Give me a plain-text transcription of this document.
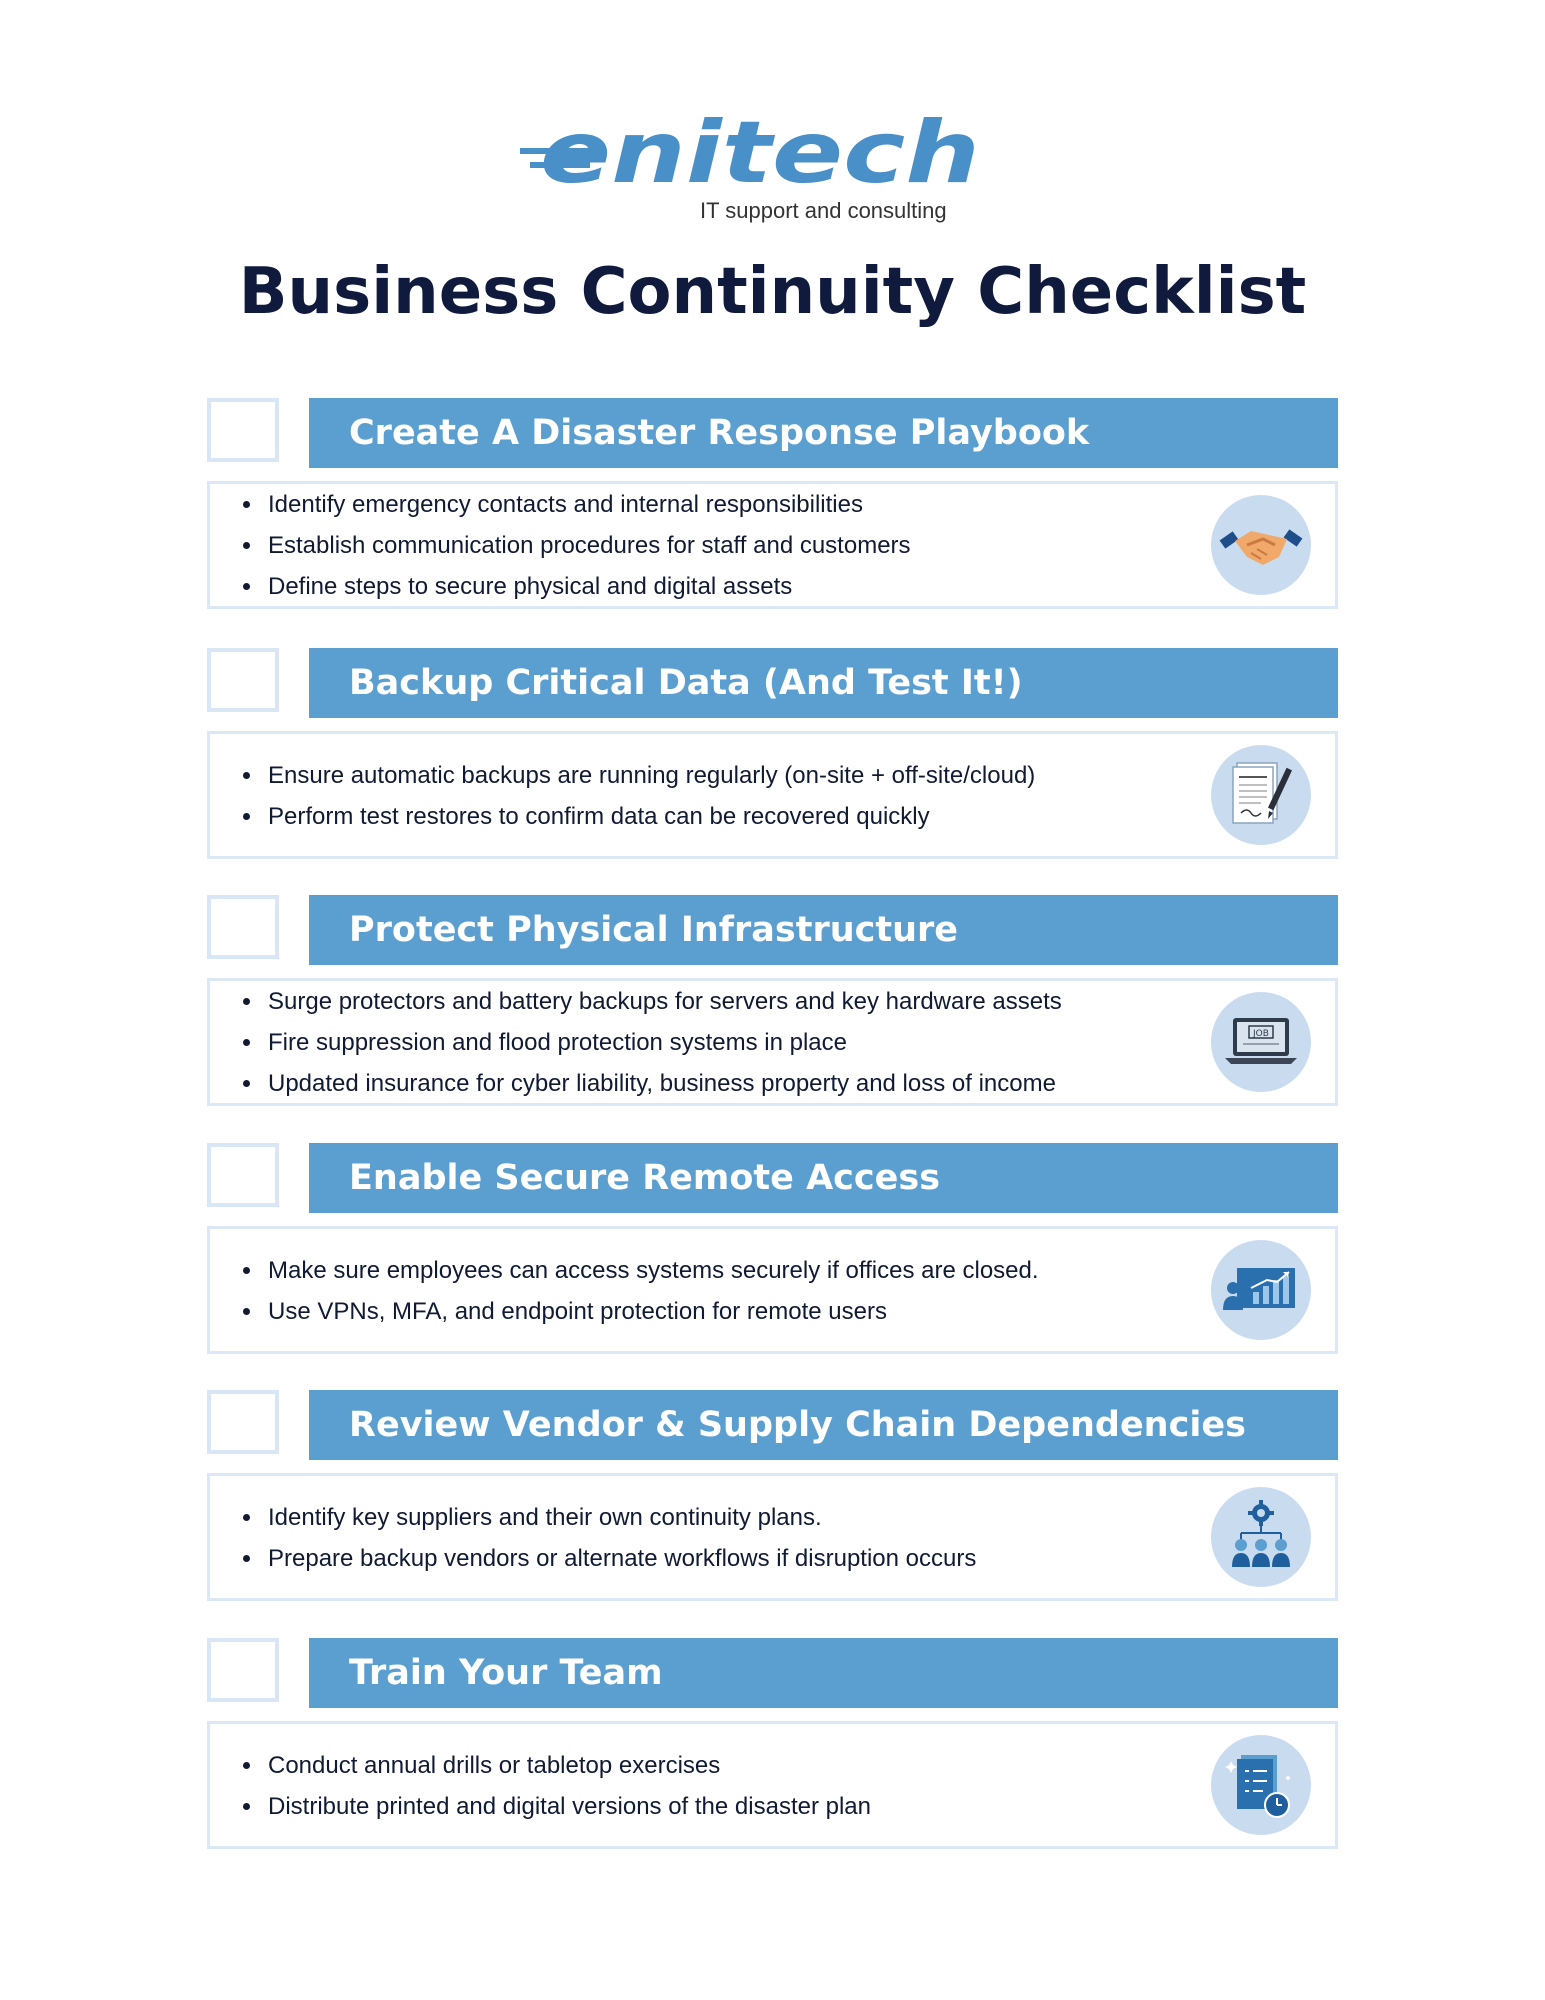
enitech
IT support and consulting
Business Continuity Checklist
Create A Disaster Response Playbook
• Identify emergency contacts and internal responsibilities
• Establish communication procedures for staff and customers
• Define steps to secure physical and digital assets
Backup Critical Data (And Test It!)
• Ensure automatic backups are running regularly (on-site + off-site/cloud)
• Perform test restores to confirm data can be recovered quickly
Protect Physical Infrastructure
• Surge protectors and battery backups for servers and key hardware assets
• Fire suppression and flood protection systems in place
• Updated insurance for cyber liability, business property and loss of income
JOB
Enable Secure Remote Access
• Make sure employees can access systems securely if offices are closed.
• Use VPNs, MFA, and endpoint protection for remote users
Review Vendor & Supply Chain Dependencies
• Identify key suppliers and their own continuity plans.
• Prepare backup vendors or alternate workflows if disruption occurs
Train Your Team
• Conduct annual drills or tabletop exercises
• Distribute printed and digital versions of the disaster plan
